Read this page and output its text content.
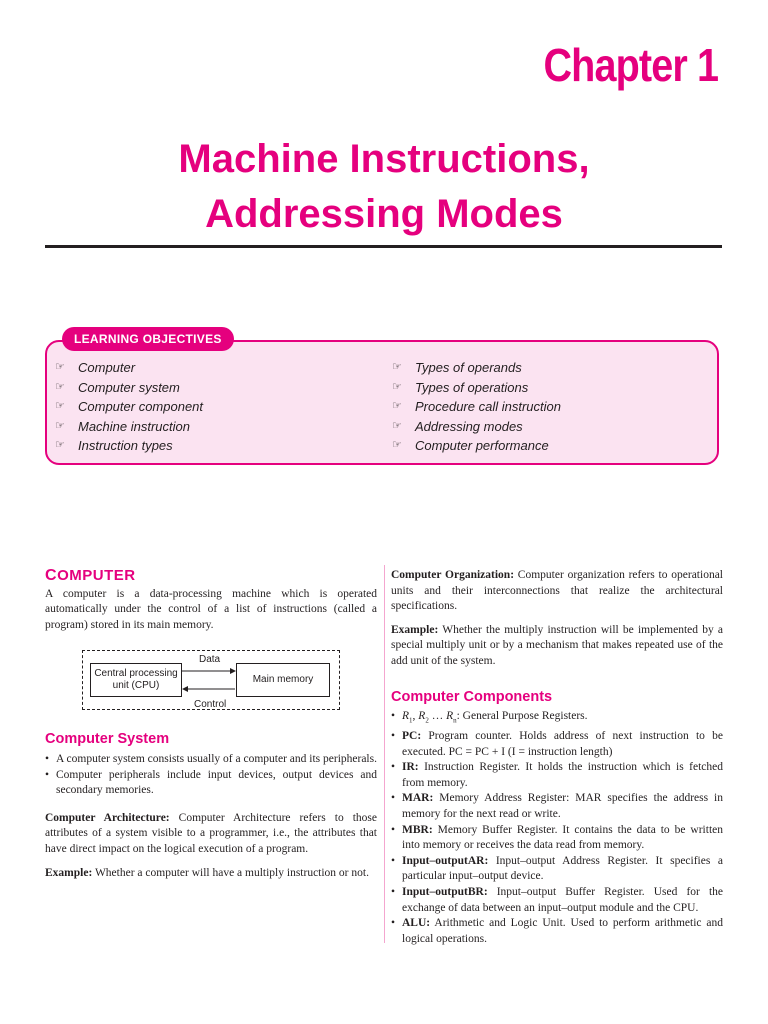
Chapter 1
Machine Instructions,
Addressing Modes
LEARNING OBJECTIVES
☞ Computer
☞ Computer system
☞ Computer component
☞ Machine instruction
☞ Instruction types
☞ Types of operands
☞ Types of operations
☞ Procedure call instruction
☞ Addressing modes
☞ Computer performance
COMPUTER

A computer is a data-processing machine which is operated automatically under the control of a list of instructions (called a program) stored in its main memory.

Central processing unit (CPU)
Main memory
Data
Control
Computer System
• A computer system consists usually of a computer and its peripherals.
• Computer peripherals include input devices, output devices and secondary memories.

Computer Architecture: Computer Architecture refers to those attributes of a system visible to a programmer, i.e., the attributes that have direct impact on the logical execution of a program.

Example: Whether a computer will have a multiply instruction or not.

Computer Organization: Computer organization refers to operational units and their interconnections that realize the architectural specifications.

Example: Whether the multiply instruction will be implemented by a special multiply unit or by a mechanism that makes repeated use of the add unit of the system.

Computer Components
• $R_1$, $R_2$ … $R_n$: General Purpose Registers.
• PC: Program counter. Holds address of next instruction to be executed. PC = PC + I (I = instruction length)
• IR: Instruction Register. It holds the instruction which is fetched from memory.
• MAR: Memory Address Register: MAR specifies the address in memory for the next read or write.
• MBR: Memory Buffer Register. It contains the data to be written into memory or receives the data read from memory.
• Input–outputAR: Input–output Address Register. It specifies a particular input–output device.
• Input–outputBR: Input–output Buffer Register. Used for the exchange of data between an input–output module and the CPU.
• ALU: Arithmetic and Logic Unit. Used to perform arithmetic and logical operations.
